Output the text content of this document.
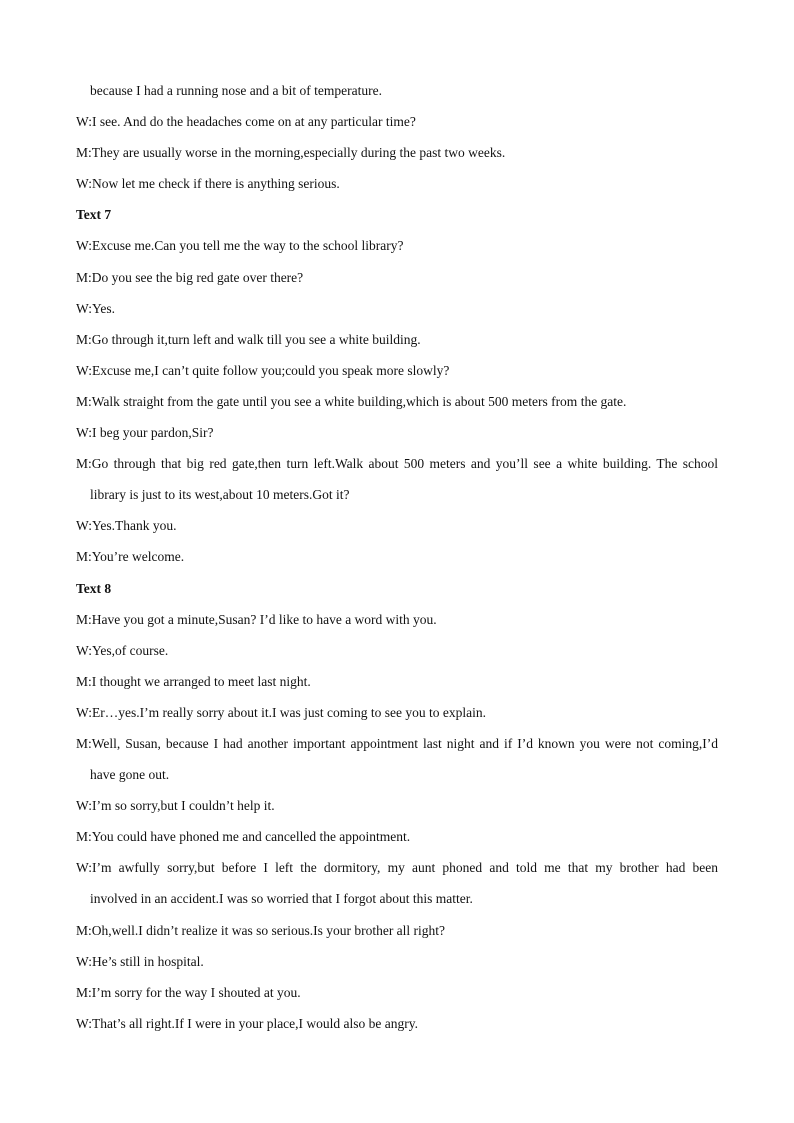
because I had a running nose and a bit of temperature.
W:I see. And do the headaches come on at any particular time?
M:They are usually worse in the morning,especially during the past two weeks.
W:Now let me check if there is anything serious.
Text 7
W:Excuse me.Can you tell me the way to the school library?
M:Do you see the big red gate over there?
W:Yes.
M:Go through it,turn left and walk till you see a white building.
W:Excuse me,I can’t quite follow you;could you speak more slowly?
M:Walk straight from the gate until you see a white building,which is about 500 meters from the gate.
W:I beg your pardon,Sir?
M:Go through that big red gate,then turn left.Walk about 500 meters and you’ll see a white building. The school
library is just to its west,about 10 meters.Got it?
W:Yes.Thank you.
M:You’re welcome.
Text 8
M:Have you got a minute,Susan? I’d like to have a word with you.
W:Yes,of course.
M:I thought we arranged to meet last night.
W:Er…yes.I’m really sorry about it.I was just coming to see you to explain.
M:Well, Susan, because I had another important appointment last night and if I’d known you were not coming,I’d
have gone out.
W:I’m so sorry,but I couldn’t help it.
M:You could have phoned me and cancelled the appointment.
W:I’m awfully sorry,but before I left the dormitory, my aunt phoned and told me that my brother had been
involved in an accident.I was so worried that I forgot about this matter.
M:Oh,well.I didn’t realize it was so serious.Is your brother all right?
W:He’s still in hospital.
M:I’m sorry for the way I shouted at you.
W:That’s all right.If I were in your place,I would also be angry.
